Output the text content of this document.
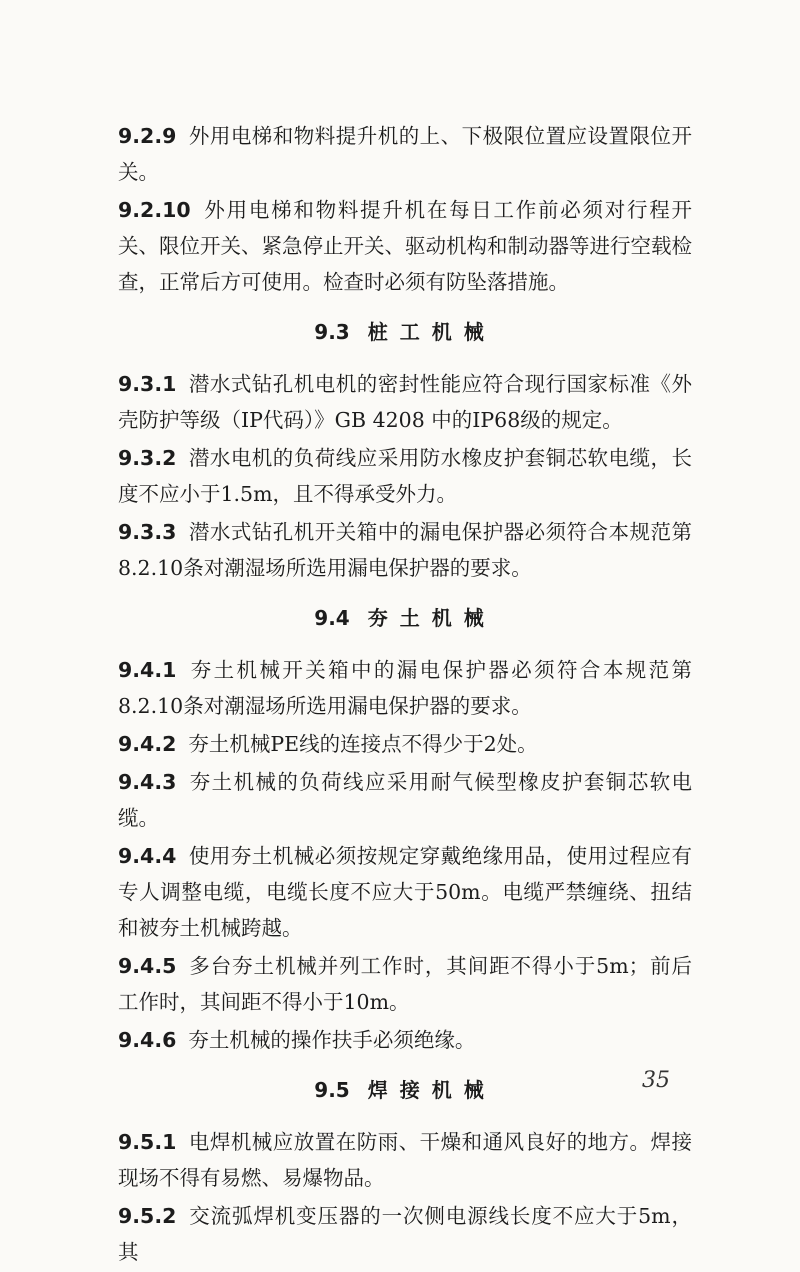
9.2.9 外用电梯和物料提升机的上、下极限位置应设置限位开关。

9.2.10 外用电梯和物料提升机在每日工作前必须对行程开关、限位开关、紧急停止开关、驱动机构和制动器等进行空载检查，正常后方可使用。检查时必须有防坠落措施。

9.3 桩工机械

9.3.1 潜水式钻孔机电机的密封性能应符合现行国家标准《外壳防护等级（IP代码）》GB 4208 中的IP68级的规定。

9.3.2 潜水电机的负荷线应采用防水橡皮护套铜芯软电缆，长度不应小于1.5m，且不得承受外力。

9.3.3 潜水式钻孔机开关箱中的漏电保护器必须符合本规范第8.2.10条对潮湿场所选用漏电保护器的要求。

9.4 夯土机械

9.4.1 夯土机械开关箱中的漏电保护器必须符合本规范第8.2.10条对潮湿场所选用漏电保护器的要求。

9.4.2 夯土机械PE线的连接点不得少于2处。

9.4.3 夯土机械的负荷线应采用耐气候型橡皮护套铜芯软电缆。

9.4.4 使用夯土机械必须按规定穿戴绝缘用品，使用过程应有专人调整电缆，电缆长度不应大于50m。电缆严禁缠绕、扭结和被夯土机械跨越。

9.4.5 多台夯土机械并列工作时，其间距不得小于5m；前后工作时，其间距不得小于10m。

9.4.6 夯土机械的操作扶手必须绝缘。

9.5 焊接机械

9.5.1 电焊机械应放置在防雨、干燥和通风良好的地方。焊接现场不得有易燃、易爆物品。

9.5.2 交流弧焊机变压器的一次侧电源线长度不应大于5m，其

35
